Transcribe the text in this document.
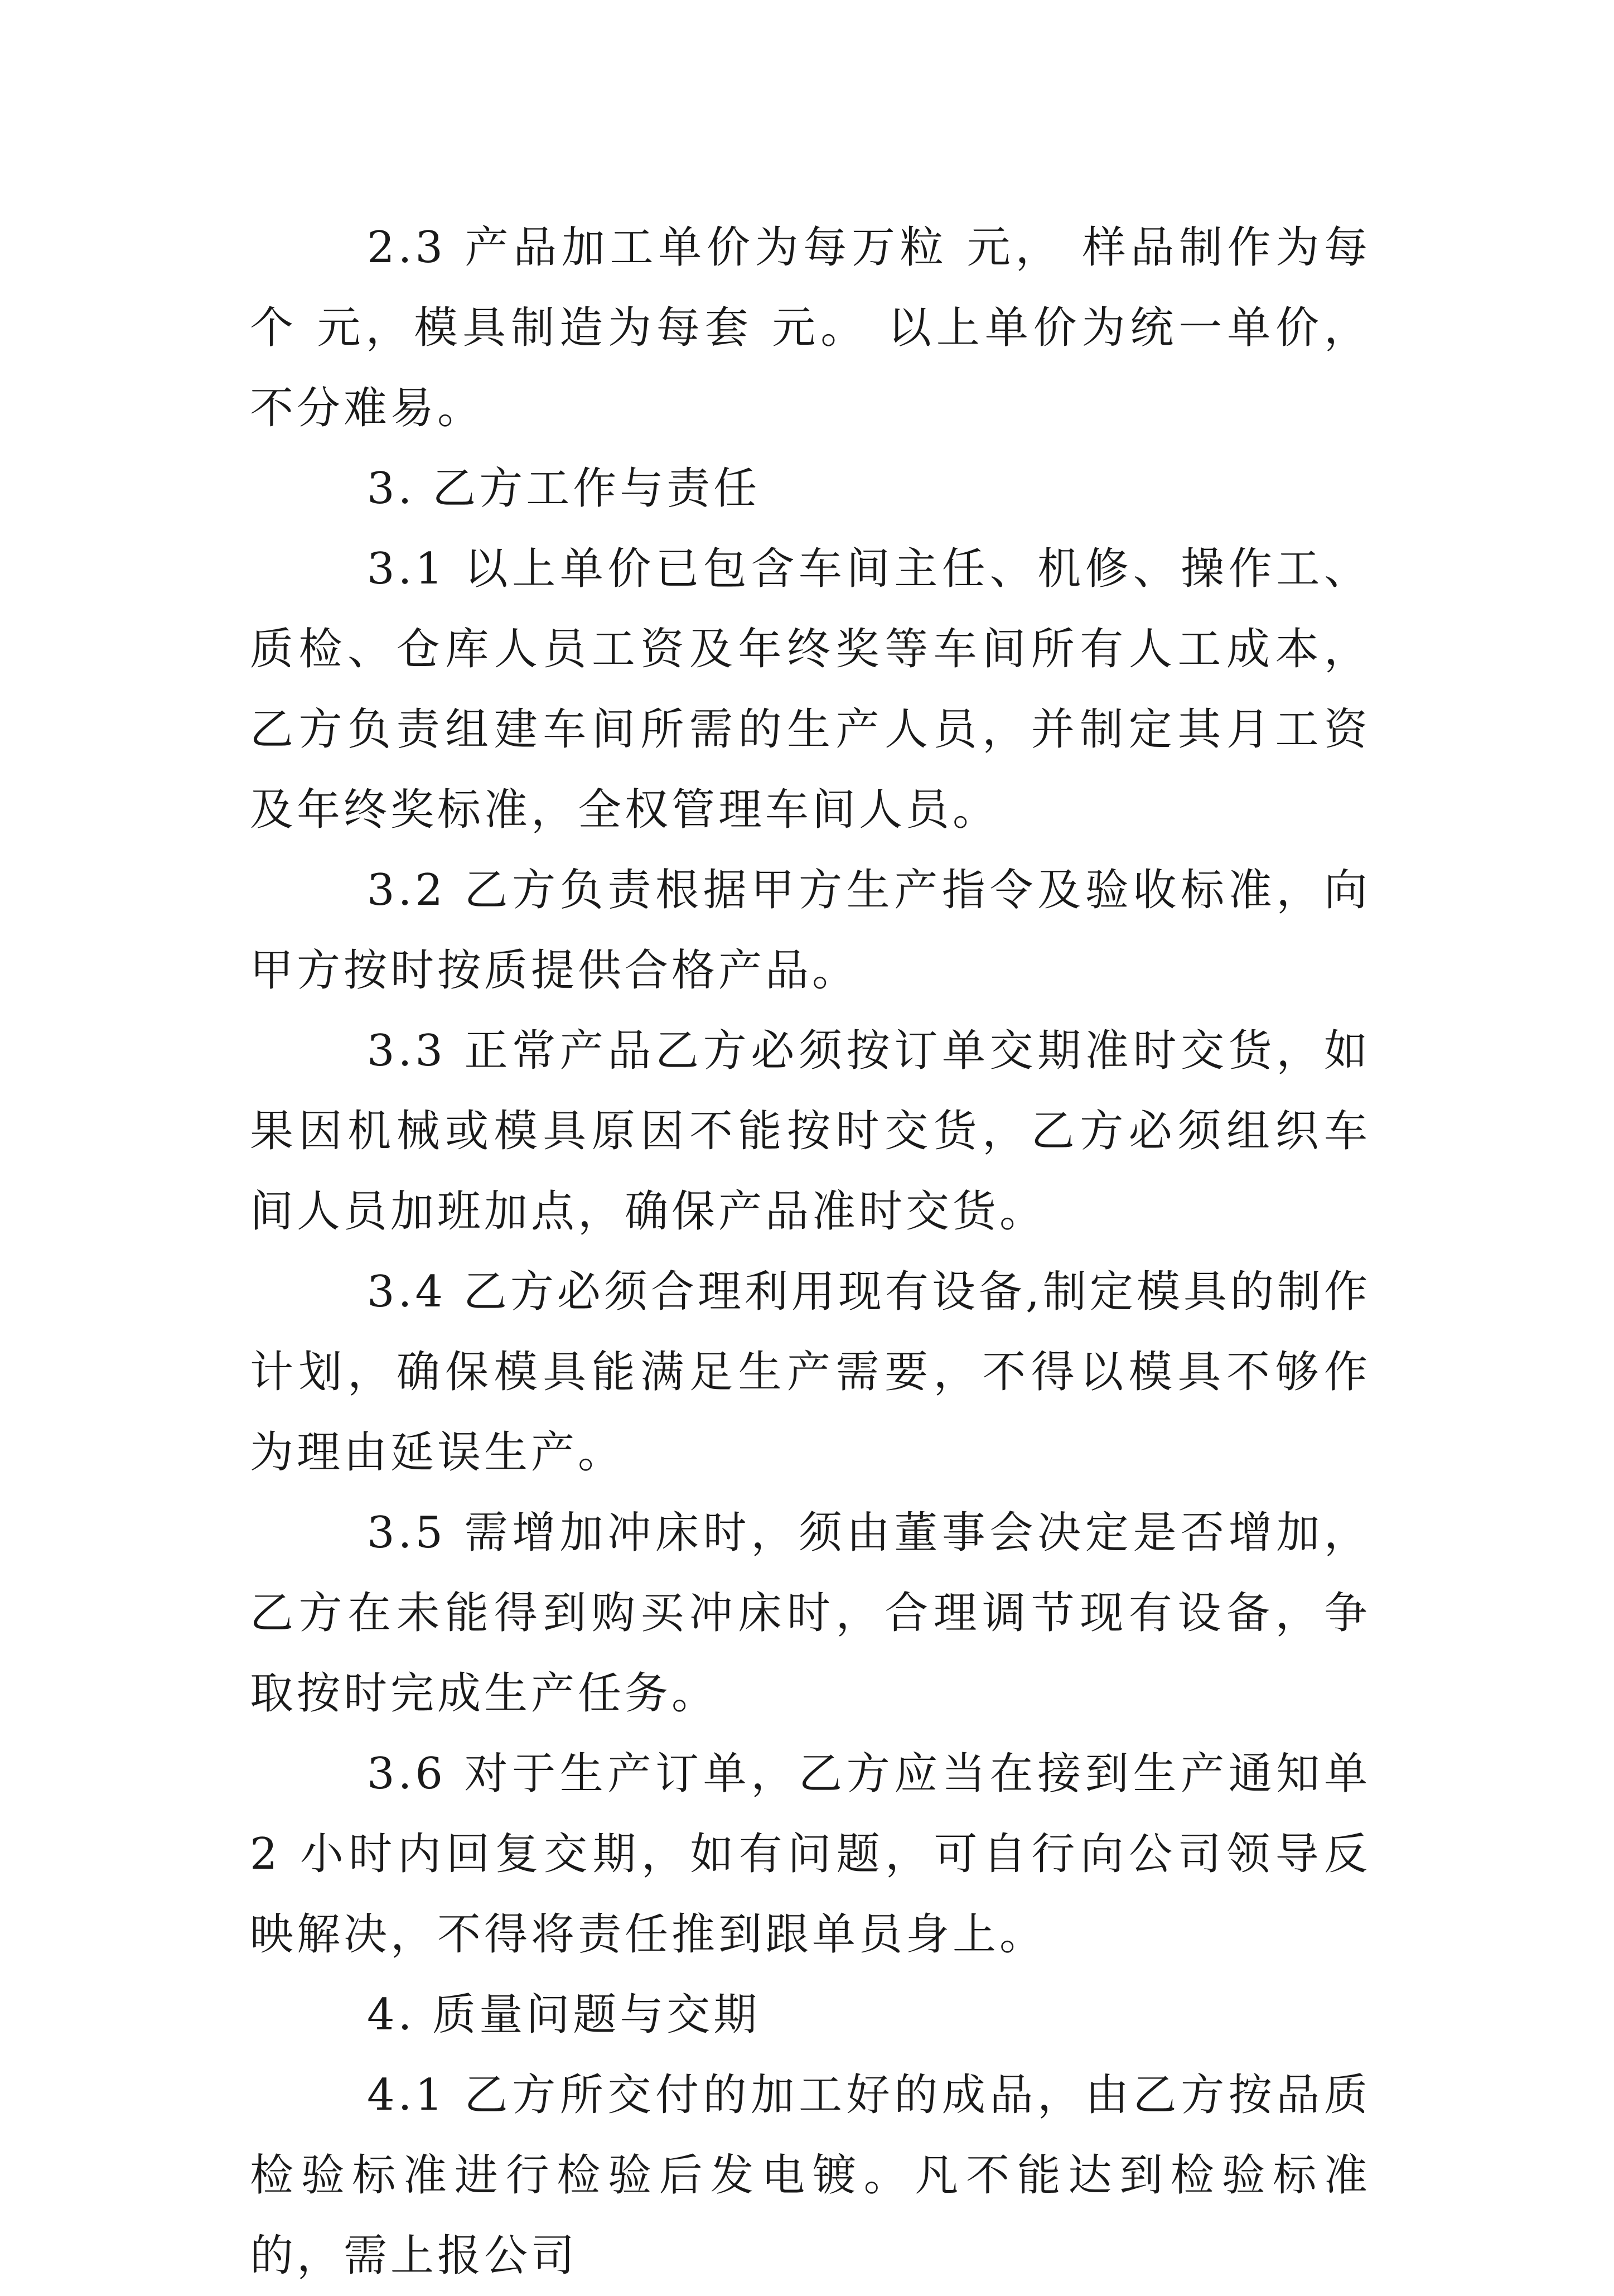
2.3 产品加工单价为每万粒 元， 样品制作为每个 元，模具制造为每套 元。 以上单价为统一单价，不分难易。

3. 乙方工作与责任

3.1 以上单价已包含车间主任、机修、操作工、质检、仓库人员工资及年终奖等车间所有人工成本，乙方负责组建车间所需的生产人员，并制定其月工资及年终奖标准，全权管理车间人员。

3.2 乙方负责根据甲方生产指令及验收标准，向甲方按时按质提供合格产品。

3.3 正常产品乙方必须按订单交期准时交货，如果因机械或模具原因不能按时交货，乙方必须组织车间人员加班加点，确保产品准时交货。

3.4 乙方必须合理利用现有设备,制定模具的制作计划，确保模具能满足生产需要，不得以模具不够作为理由延误生产。

3.5 需增加冲床时，须由董事会决定是否增加，乙方在未能得到购买冲床时，合理调节现有设备，争取按时完成生产任务。

3.6 对于生产订单，乙方应当在接到生产通知单 2 小时内回复交期，如有问题，可自行向公司领导反映解决，不得将责任推到跟单员身上。

4. 质量问题与交期

4.1 乙方所交付的加工好的成品，由乙方按品质检验标准进行检验后发电镀。凡不能达到检验标准的，需上报公司
